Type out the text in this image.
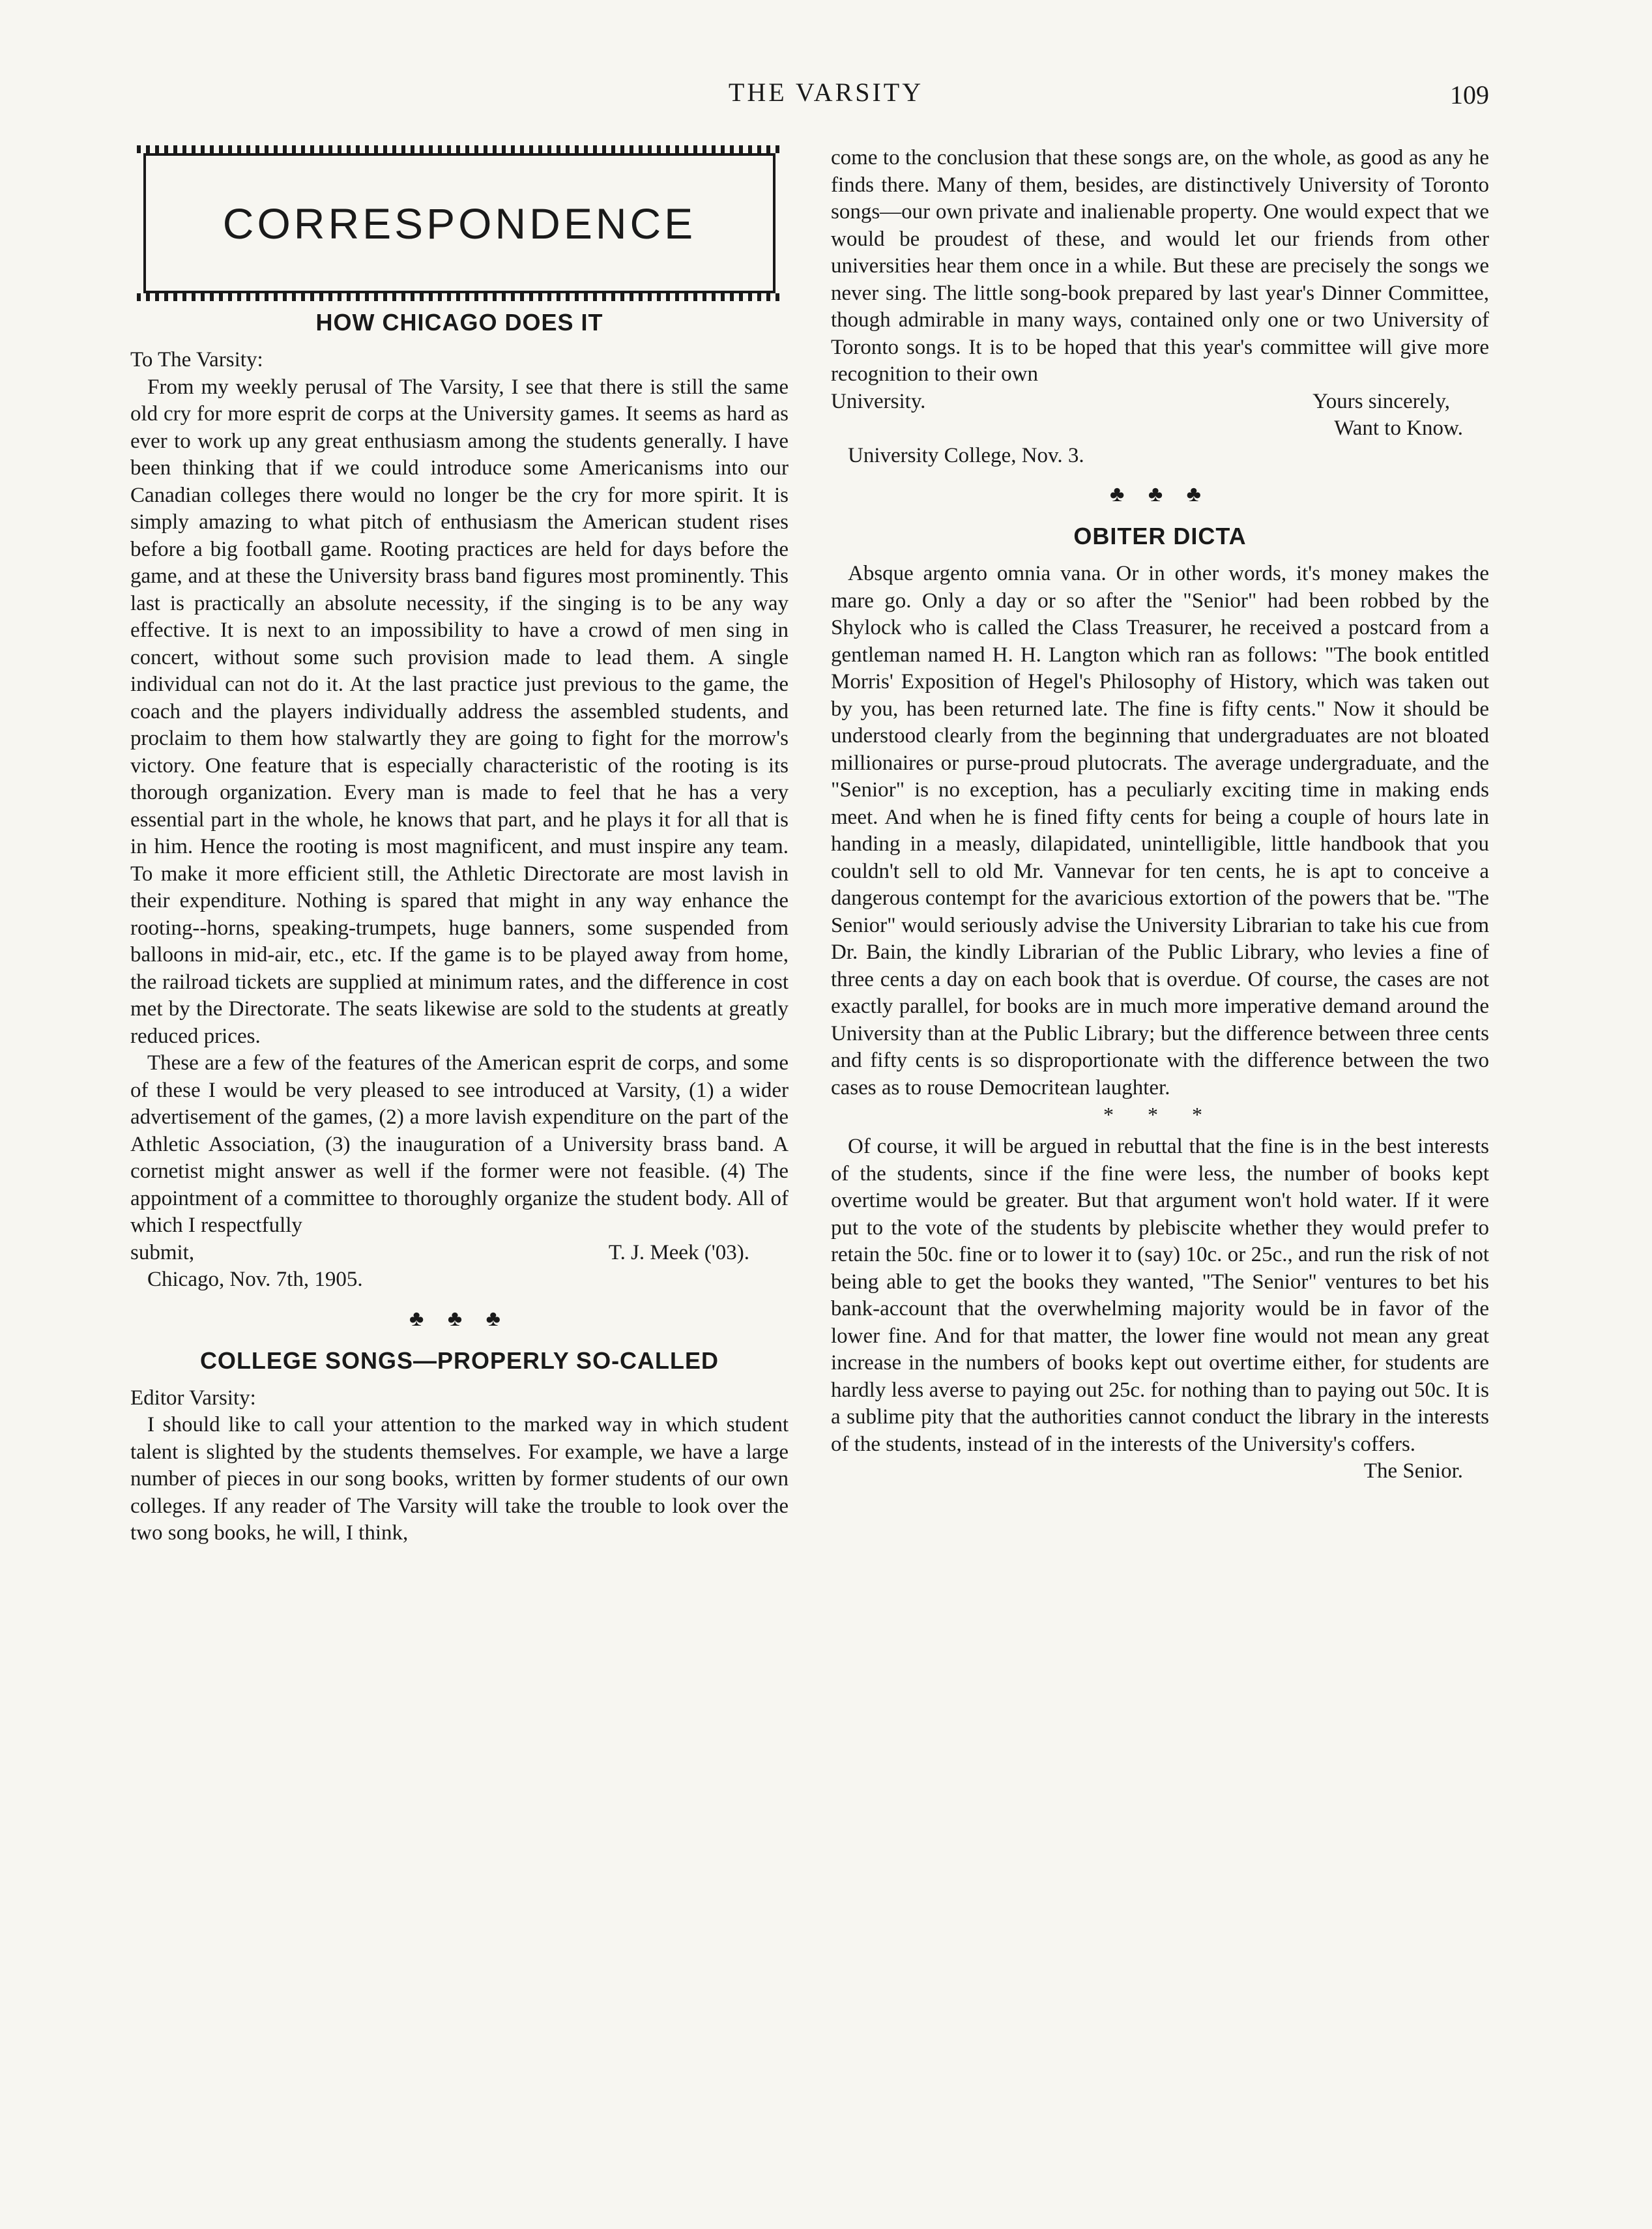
THE VARSITY	109
CORRESPONDENCE
HOW CHICAGO DOES IT

To The Varsity:

From my weekly perusal of The Varsity, I see that there is still the same old cry for more esprit de corps at the University games. It seems as hard as ever to work up any great enthusiasm among the students generally. I have been thinking that if we could introduce some Americanisms into our Canadian colleges there would no longer be the cry for more spirit. It is simply amazing to what pitch of enthusiasm the American student rises before a big football game. Rooting practices are held for days before the game, and at these the University brass band figures most prominently. This last is practically an absolute necessity, if the singing is to be any way effective. It is next to an impossibility to have a crowd of men sing in concert, without some such provision made to lead them. A single individual can not do it. At the last practice just previous to the game, the coach and the players individually address the assembled students, and proclaim to them how stalwartly they are going to fight for the morrow's victory. One feature that is especially characteristic of the rooting is its thorough organization. Every man is made to feel that he has a very essential part in the whole, he knows that part, and he plays it for all that is in him. Hence the rooting is most magnificent, and must inspire any team. To make it more efficient still, the Athletic Directorate are most lavish in their expenditure. Nothing is spared that might in any way enhance the rooting--horns, speaking-trumpets, huge banners, some suspended from balloons in mid-air, etc., etc. If the game is to be played away from home, the railroad tickets are supplied at minimum rates, and the difference in cost met by the Directorate. The seats likewise are sold to the students at greatly reduced prices.

These are a few of the features of the American esprit de corps, and some of these I would be very pleased to see introduced at Varsity, (1) a wider advertisement of the games, (2) a more lavish expenditure on the part of the Athletic Association, (3) the inauguration of a University brass band. A cornetist might answer as well if the former were not feasible. (4) The appointment of a committee to thoroughly organize the student body. All of which I respectfully

submit,	T. J. Meek ('03).
Chicago, Nov. 7th, 1905.
♣ ♣ ♣
COLLEGE SONGS—PROPERLY SO-CALLED

Editor Varsity:

I should like to call your attention to the marked way in which student talent is slighted by the students themselves. For example, we have a large number of pieces in our song books, written by former students of our own colleges. If any reader of The Varsity will take the trouble to look over the two song books, he will, I think,

come to the conclusion that these songs are, on the whole, as good as any he finds there. Many of them, besides, are distinctively University of Toronto songs—our own private and inalienable property. One would expect that we would be proudest of these, and would let our friends from other universities hear them once in a while. But these are precisely the songs we never sing. The little song-book prepared by last year's Dinner Committee, though admirable in many ways, contained only one or two University of Toronto songs. It is to be hoped that this year's committee will give more recognition to their own

University.	Yours sincerely,
Want to Know.
University College, Nov. 3.
♣ ♣ ♣
OBITER DICTA

Absque argento omnia vana. Or in other words, it's money makes the mare go. Only a day or so after the "Senior" had been robbed by the Shylock who is called the Class Treasurer, he received a postcard from a gentleman named H. H. Langton which ran as follows: "The book entitled Morris' Exposition of Hegel's Philosophy of History, which was taken out by you, has been returned late. The fine is fifty cents." Now it should be understood clearly from the beginning that undergraduates are not bloated millionaires or purse-proud plutocrats. The average undergraduate, and the "Senior" is no exception, has a peculiarly exciting time in making ends meet. And when he is fined fifty cents for being a couple of hours late in handing in a measly, dilapidated, unintelligible, little handbook that you couldn't sell to old Mr. Vannevar for ten cents, he is apt to conceive a dangerous contempt for the avaricious extortion of the powers that be. "The Senior" would seriously advise the University Librarian to take his cue from Dr. Bain, the kindly Librarian of the Public Library, who levies a fine of three cents a day on each book that is overdue. Of course, the cases are not exactly parallel, for books are in much more imperative demand around the University than at the Public Library; but the difference between three cents and fifty cents is so disproportionate with the difference between the two cases as to rouse Democritean laughter.

* * *

Of course, it will be argued in rebuttal that the fine is in the best interests of the students, since if the fine were less, the number of books kept overtime would be greater. But that argument won't hold water. If it were put to the vote of the students by plebiscite whether they would prefer to retain the 50c. fine or to lower it to (say) 10c. or 25c., and run the risk of not being able to get the books they wanted, "The Senior" ventures to bet his bank-account that the overwhelming majority would be in favor of the lower fine. And for that matter, the lower fine would not mean any great increase in the numbers of books kept out overtime either, for students are hardly less averse to paying out 25c. for nothing than to paying out 50c. It is a sublime pity that the authorities cannot conduct the library in the interests of the students, instead of in the interests of the University's coffers.

The Senior.
